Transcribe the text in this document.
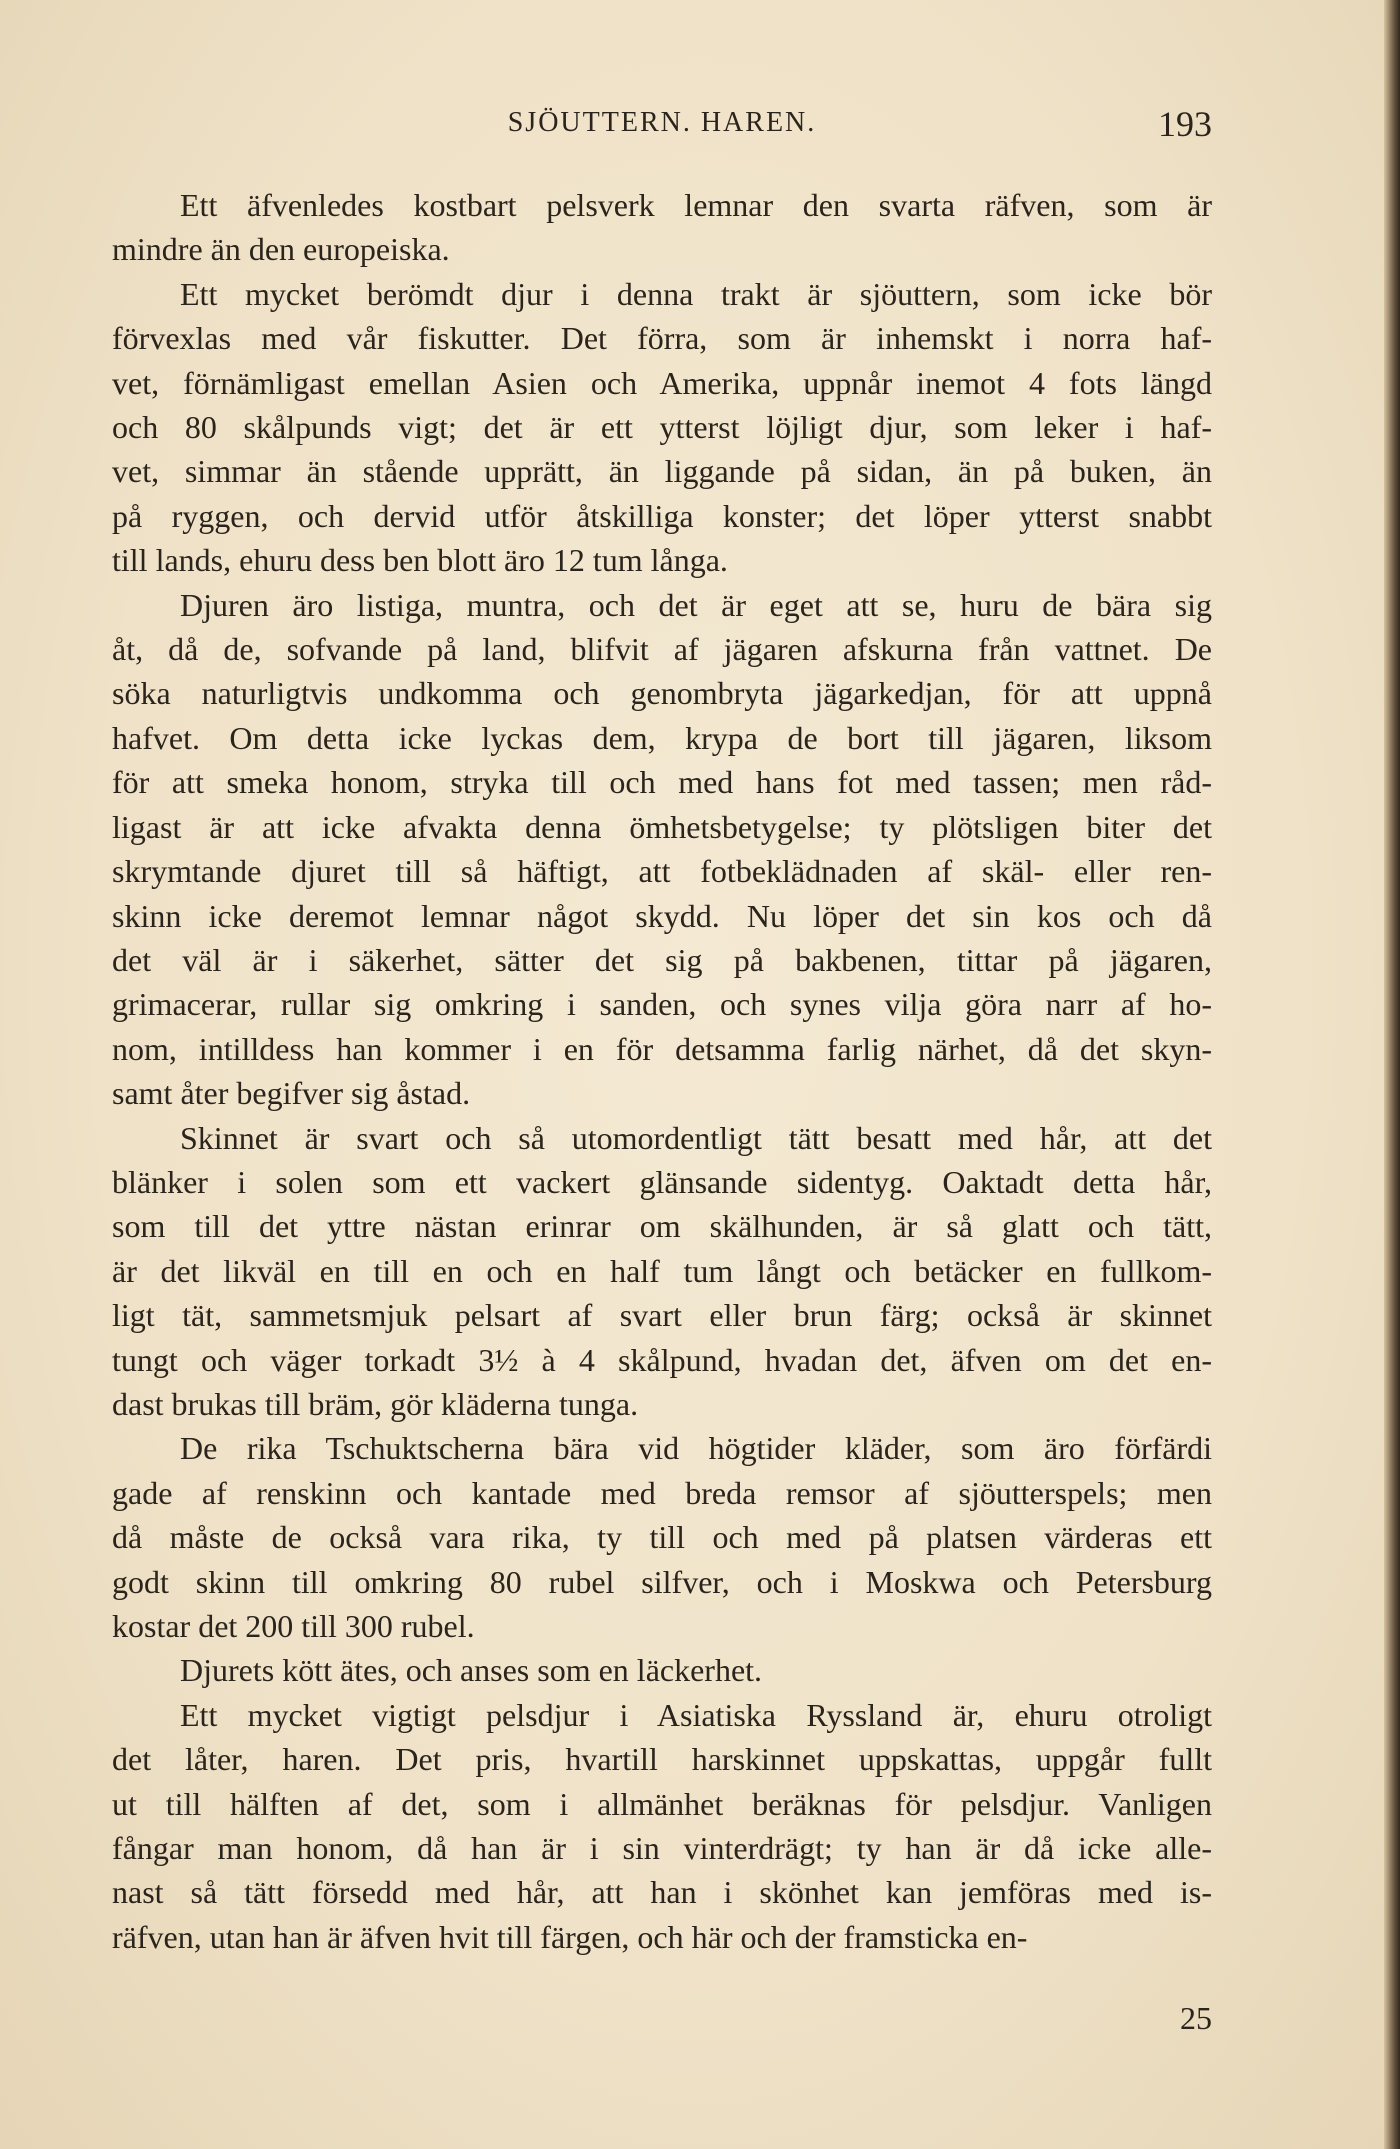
SJÖUTTERN. HAREN.	193
Ett äfvenledes kostbart pelsverk lemnar den svarta räfven, som är
mindre än den europeiska.
Ett mycket berömdt djur i denna trakt är sjöuttern, som icke bör
förvexlas med vår fiskutter. Det förra, som är inhemskt i norra haf-
vet, förnämligast emellan Asien och Amerika, uppnår inemot 4 fots längd
och 80 skålpunds vigt; det är ett ytterst löjligt djur, som leker i haf-
vet, simmar än stående upprätt, än liggande på sidan, än på buken, än
på ryggen, och dervid utför åtskilliga konster; det löper ytterst snabbt
till lands, ehuru dess ben blott äro 12 tum långa.
Djuren äro listiga, muntra, och det är eget att se, huru de bära sig
åt, då de, sofvande på land, blifvit af jägaren afskurna från vattnet. De
söka naturligtvis undkomma och genombryta jägarkedjan, för att uppnå
hafvet. Om detta icke lyckas dem, krypa de bort till jägaren, liksom
för att smeka honom, stryka till och med hans fot med tassen; men råd-
ligast är att icke afvakta denna ömhetsbetygelse; ty plötsligen biter det
skrymtande djuret till så häftigt, att fotbeklädnaden af skäl- eller ren-
skinn icke deremot lemnar något skydd. Nu löper det sin kos och då
det väl är i säkerhet, sätter det sig på bakbenen, tittar på jägaren,
grimacerar, rullar sig omkring i sanden, och synes vilja göra narr af ho-
nom, intilldess han kommer i en för detsamma farlig närhet, då det skyn-
samt åter begifver sig åstad.
Skinnet är svart och så utomordentligt tätt besatt med hår, att det
blänker i solen som ett vackert glänsande sidentyg. Oaktadt detta hår,
som till det yttre nästan erinrar om skälhunden, är så glatt och tätt,
är det likväl en till en och en half tum långt och betäcker en fullkom-
ligt tät, sammetsmjuk pelsart af svart eller brun färg; också är skinnet
tungt och väger torkadt 3½ à 4 skålpund, hvadan det, äfven om det en-
dast brukas till bräm, gör kläderna tunga.
De rika Tschuktscherna bära vid högtider kläder, som äro förfärdi
gade af renskinn och kantade med breda remsor af sjöutterspels; men
då måste de också vara rika, ty till och med på platsen värderas ett
godt skinn till omkring 80 rubel silfver, och i Moskwa och Petersburg
kostar det 200 till 300 rubel.
Djurets kött ätes, och anses som en läckerhet.
Ett mycket vigtigt pelsdjur i Asiatiska Ryssland är, ehuru otroligt
det låter, haren. Det pris, hvartill harskinnet uppskattas, uppgår fullt
ut till hälften af det, som i allmänhet beräknas för pelsdjur. Vanligen
fångar man honom, då han är i sin vinterdrägt; ty han är då icke alle-
nast så tätt försedd med hår, att han i skönhet kan jemföras med is-
räfven, utan han är äfven hvit till färgen, och här och der framsticka en-
25
